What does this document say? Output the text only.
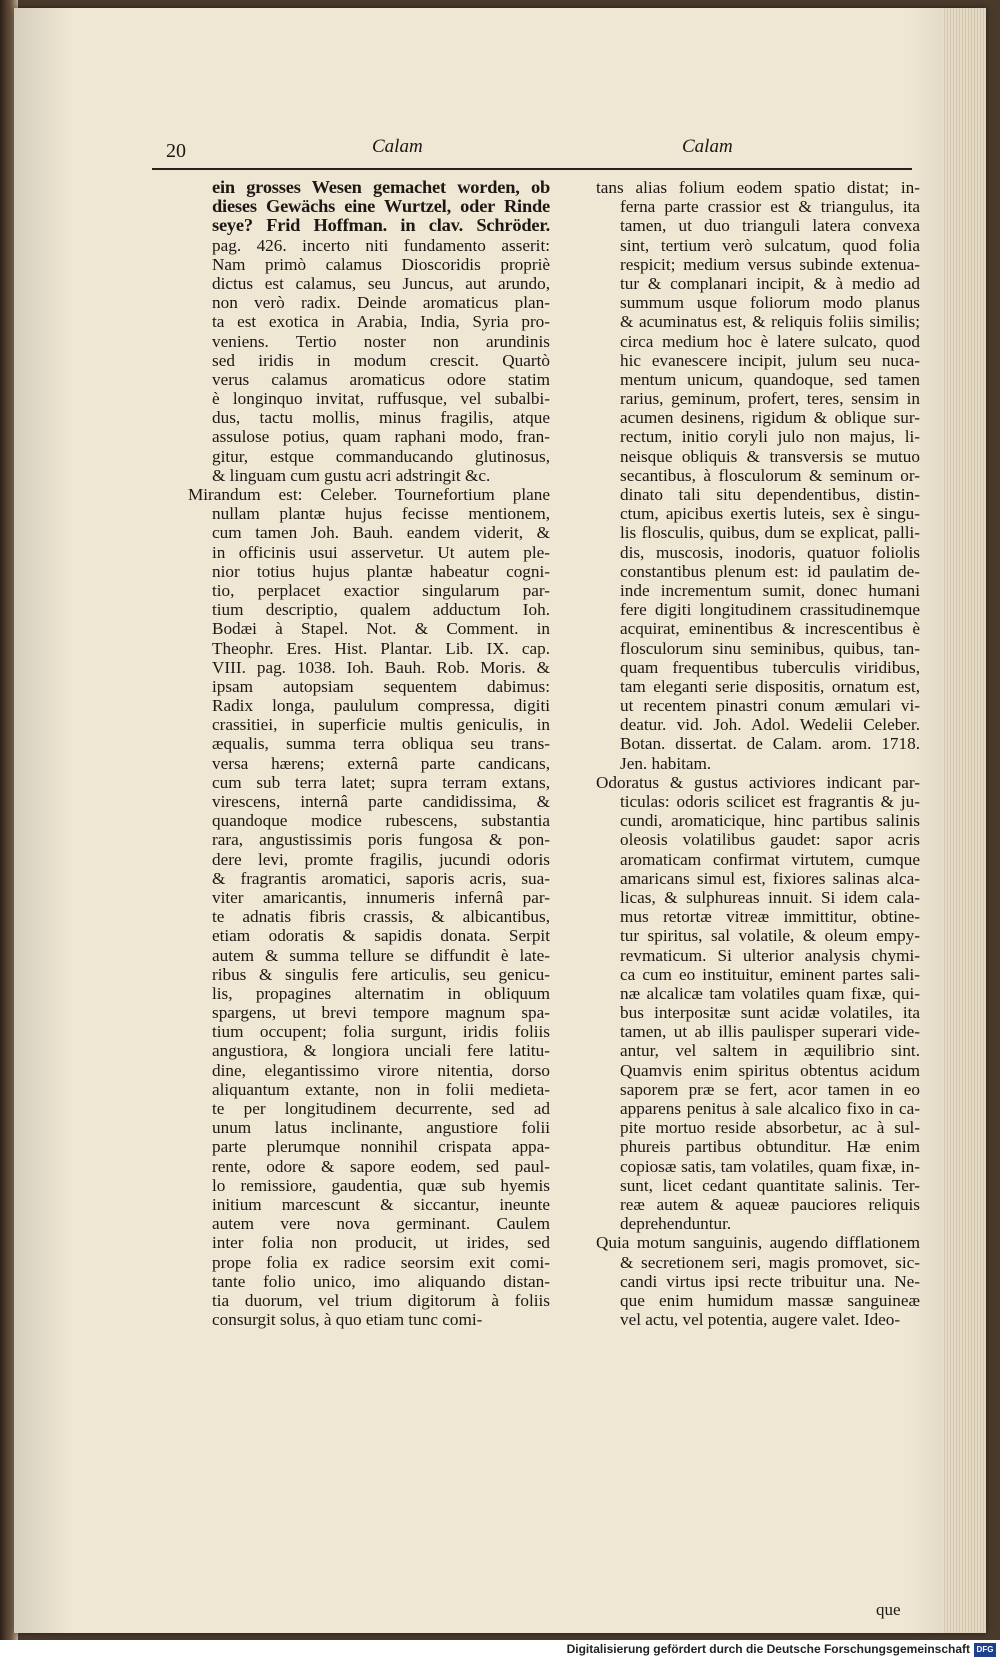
20	Calam	Calam
ein grosses Wesen gemachet worden, ob
dieses Gewächs eine Wurtzel, oder Rinde
seye? Frid Hoffman. in clav. Schröder.
pag. 426. incerto niti fundamento asserit:
Nam primò calamus Dioscoridis propriè
dictus est calamus, seu Juncus, aut arundo,
non verò radix. Deinde aromaticus plan-
ta est exotica in Arabia, India, Syria pro-
veniens. Tertio noster non arundinis
sed iridis in modum crescit. Quartò
verus calamus aromaticus odore statim
è longinquo invitat, ruffusque, vel subalbi-
dus, tactu mollis, minus fragilis, atque
assulose potius, quam raphani modo, fran-
gitur, estque commanducando glutinosus,
& linguam cum gustu acri adstringit &c.
Mirandum est: Celeber. Tournefortium plane
nullam plantæ hujus fecisse mentionem,
cum tamen Joh. Bauh. eandem viderit, &
in officinis usui asservetur. Ut autem ple-
nior totius hujus plantæ habeatur cogni-
tio, perplacet exactior singularum par-
tium descriptio, qualem adductum Ioh.
Bodæi à Stapel. Not. & Comment. in
Theophr. Eres. Hist. Plantar. Lib. IX. cap.
VIII. pag. 1038. Ioh. Bauh. Rob. Moris. &
ipsam autopsiam sequentem dabimus:
Radix longa, paululum compressa, digiti
crassitiei, in superficie multis geniculis, in
æqualis, summa terra obliqua seu trans-
versa hærens; externâ parte candicans,
cum sub terra latet; supra terram extans,
virescens, internâ parte candidissima, &
quandoque modice rubescens, substantia
rara, angustissimis poris fungosa & pon-
dere levi, promte fragilis, jucundi odoris
& fragrantis aromatici, saporis acris, sua-
viter amaricantis, innumeris infernâ par-
te adnatis fibris crassis, & albicantibus,
etiam odoratis & sapidis donata. Serpit
autem & summa tellure se diffundit è late-
ribus & singulis fere articulis, seu genicu-
lis, propagines alternatim in obliquum
spargens, ut brevi tempore magnum spa-
tium occupent; folia surgunt, iridis foliis
angustiora, & longiora unciali fere latitu-
dine, elegantissimo virore nitentia, dorso
aliquantum extante, non in folii medieta-
te per longitudinem decurrente, sed ad
unum latus inclinante, angustiore folii
parte plerumque nonnihil crispata appa-
rente, odore & sapore eodem, sed paul-
lo remissiore, gaudentia, quæ sub hyemis
initium marcescunt & siccantur, ineunte
autem vere nova germinant. Caulem
inter folia non producit, ut irides, sed
prope folia ex radice seorsim exit comi-
tante folio unico, imo aliquando distan-
tia duorum, vel trium digitorum à foliis
consurgit solus, à quo etiam tunc comi-
tans alias folium eodem spatio distat; in-
ferna parte crassior est & triangulus, ita
tamen, ut duo trianguli latera convexa
sint, tertium verò sulcatum, quod folia
respicit; medium versus subinde extenua-
tur & complanari incipit, & à medio ad
summum usque foliorum modo planus
& acuminatus est, & reliquis foliis similis;
circa medium hoc è latere sulcato, quod
hic evanescere incipit, julum seu nuca-
mentum unicum, quandoque, sed tamen
rarius, geminum, profert, teres, sensim in
acumen desinens, rigidum & oblique sur-
rectum, initio coryli julo non majus, li-
neisque obliquis & transversis se mutuo
secantibus, à flosculorum & seminum or-
dinato tali situ dependentibus, distin-
ctum, apicibus exertis luteis, sex è singu-
lis flosculis, quibus, dum se explicat, palli-
dis, muscosis, inodoris, quatuor foliolis
constantibus plenum est: id paulatim de-
inde incrementum sumit, donec humani
fere digiti longitudinem crassitudinemque
acquirat, eminentibus & increscentibus è
flosculorum sinu seminibus, quibus, tan-
quam frequentibus tuberculis viridibus,
tam eleganti serie dispositis, ornatum est,
ut recentem pinastri conum æmulari vi-
deatur. vid. Joh. Adol. Wedelii Celeber.
Botan. dissertat. de Calam. arom. 1718.
Jen. habitam.
Odoratus & gustus activiores indicant par-
ticulas: odoris scilicet est fragrantis & ju-
cundi, aromaticique, hinc partibus salinis
oleosis volatilibus gaudet: sapor acris
aromaticam confirmat virtutem, cumque
amaricans simul est, fixiores salinas alca-
licas, & sulphureas innuit. Si idem cala-
mus retortæ vitreæ immittitur, obtine-
tur spiritus, sal volatile, & oleum empy-
revmaticum. Si ulterior analysis chymi-
ca cum eo instituitur, eminent partes sali-
næ alcalicæ tam volatiles quam fixæ, qui-
bus interpositæ sunt acidæ volatiles, ita
tamen, ut ab illis paulisper superari vide-
antur, vel saltem in æquilibrio sint.
Quamvis enim spiritus obtentus acidum
saporem præ se fert, acor tamen in eo
apparens penitus à sale alcalico fixo in ca-
pite mortuo reside absorbetur, ac à sul-
phureis partibus obtunditur. Hæ enim
copiosæ satis, tam volatiles, quam fixæ, in-
sunt, licet cedant quantitate salinis. Ter-
reæ autem & aqueæ pauciores reliquis
deprehenduntur.
Quia motum sanguinis, augendo difflationem
& secretionem seri, magis promovet, sic-
candi virtus ipsi recte tribuitur una. Ne-
que enim humidum massæ sanguineæ
vel actu, vel potentia, augere valet. Ideo-
que
Digitalisierung gefördert durch die Deutsche Forschungsgemeinschaft DFG
